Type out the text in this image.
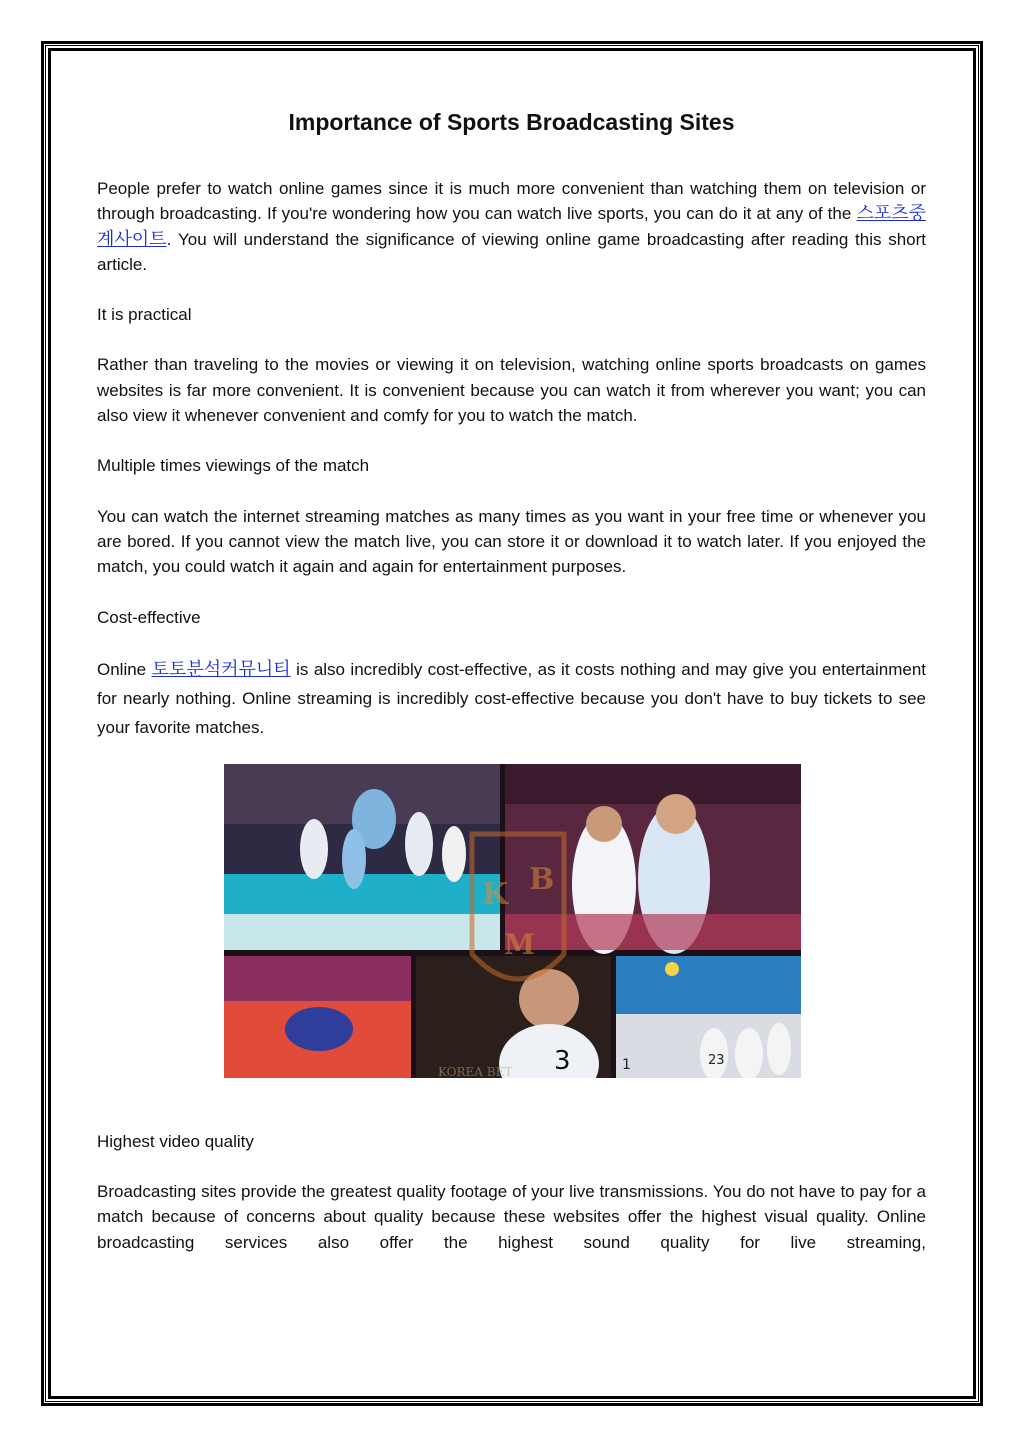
Importance of Sports Broadcasting Sites

People prefer to watch online games since it is much more convenient than watching them on television or through broadcasting. If you're wondering how you can watch live sports, you can do it at any of the 스포츠중계사이트. You will understand the significance of viewing online game broadcasting after reading this short article.

It is practical

Rather than traveling to the movies or viewing it on television, watching online sports broadcasts on games websites is far more convenient. It is convenient because you can watch it from wherever you want; you can also view it whenever convenient and comfy for you to watch the match.

Multiple times viewings of the match

You can watch the internet streaming matches as many times as you want in your free time or whenever you are bored. If you cannot view the match live, you can store it or download it to watch later. If you enjoyed the match, you could watch it again and again for entertainment purposes.

Cost-effective

Online 토토분석커뮤니티 is also incredibly cost-effective, as it costs nothing and may give you entertainment for nearly nothing. Online streaming is incredibly cost-effective because you don't have to buy tickets to see your favorite matches.

3	23
1
K B
M
KOREA BET

Highest video quality

Broadcasting sites provide the greatest quality footage of your live transmissions. You do not have to pay for a match because of concerns about quality because these websites offer the highest visual quality. Online broadcasting services also offer the highest sound quality for live streaming,
